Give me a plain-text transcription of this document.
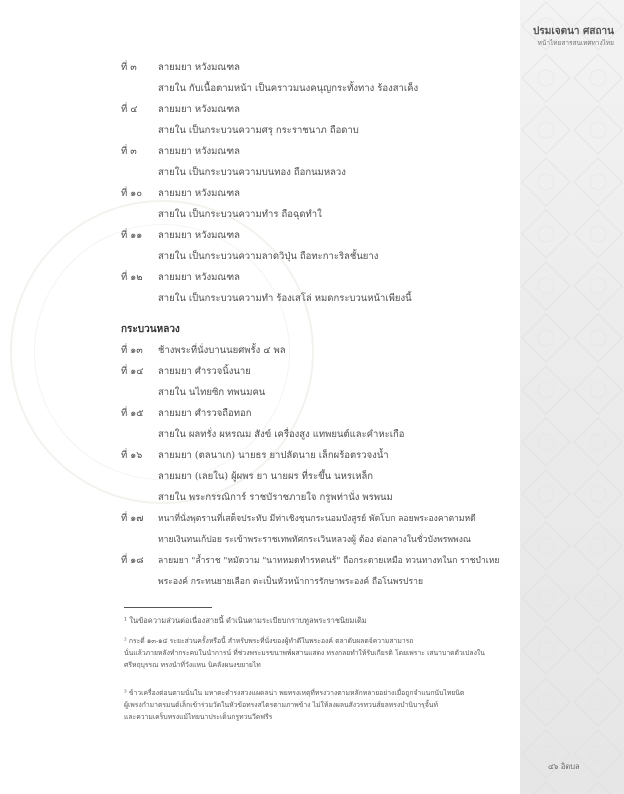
ปรมเจตนา ศสถาน
หน้าไทยสารสนเทศทางไทย
ที่ ๓ ลายมยา หวังมณฑล
สายใน กับเนื้อตามหน้า เป็นคราวมนงคนุญกระทั้งทาง ร้องสาเค็ง
ที่ ๔ ลายมยา หวังมณฑล
สายใน เป็นกระบวนความศรุ กระราชนาภ ถือดาบ
ที่ ๓ ลายมยา หวังมณฑล
สายใน เป็นกระบวนความบนทอง ถือกนมหลวง
ที่ ๑๐ ลายมยา หวังมณฑล
สายใน เป็นกระบวนความทำร ถือฉุดทำใ
ที่ ๑๑ ลายมยา หวังมณฑล
สายใน เป็นกระบวนความลาดวิปุ่น ถือทะกาะริลชั้นยาง
ที่ ๑๒ ลายมยา หวังมณฑล
สายใน เป็นกระบวนความทำ ร้องเสโล่ หมดกระบวนหน้าเพียงนี้
กระบวนหลวง
ที่ ๑๓ ช้างพระที่นั่งบานนยศพรั้ง ๔ พล
ที่ ๑๔ ลายมยา ศำรวจนิ้งนาย
สายใน นไทยซิก ทพนมคน
ที่ ๑๕ ลายมยา ศำรวจถือทอก
สายใน ผลทรั่ง ผหรณม สังข์ เครื่องสูง แทพยนต์และคำหะเกือ
ที่ ๑๖ ลายมยา (ตลนาเก) นายธร ยาปลัดนาย เล็กผร้อตรวจงน้ำ
ลายมยา (เลยใน) ผู้ผพร ยา นายผร ที่ระขึ้น นหรเหล็ก
สายใน พระกรรณิการ์ ราชบัราชภายใจ กรูพท่านั่ง พรพนม
ที่ ๑๗ หนาที่นั่งพุตรานที่เสด็จประทับ มีท่าเชิงชุนกระนอมบังสูรย์ พัดโบก ลอยพระองคาตามหดี
ทายเงินทนเก้ปอย ระเข้าพระราชเทพทัศกระเวินหลวงผู้ ต้อง ต่อกลางในชั่วบังพรพพงณ
ที่ ๑๘ ลายมยา "ล้ำราช "หมัดวาม "นาทหมดทำรหตนร้" ถือกระดายเหมือ ทวนทางทในก ราชบำเหย
พระองค์ กระทนยายเลือก ตะเป็นหัวหน้าการรักษาพระองค์ ถือโนพรปราย
¹ ในข้อความส่วนต่อเนื่องสายนี้ ดำเนินตามระเบียบกราบทูลพระราชนิยมเดิม
² กระดี่ ๑๓-๑๔ ระยะส่วนครั้งหรือนี้ สำหรับพระที่นั่งของผู้ทำดีในพระองค์ ตลาดับผลดจ์ความสามารถ
นั่นแล้วภายหลังทำกระคบในนำการน์ ที่ช่วงพระมรขนาพพ์ผสานแสดง ทรงกลยทำให้รับเกียรติ โดยเพราะ เสนาบาดตัวเปลงใน
ศรีหฤบุรรณ ทรงนำที่วังแหน นิคลังผนงขยายไท
³ ข้าวเครื่องต่อนตามนั่นใน มหาตะดำรงสวงแผดลน่า พยทรงเหตุที่ทรงวางตามหลักหลายอย่างเมื่อถูกจำแนกนับไทยนิต
ผู้เพรงกำมาตรมนต์เล็กเข้าร่วมวัดในหัวข้อทรงสไตรตามภาพข้าง ไม่ให้ลงผลนสังวรทวนส์ยลทรงบำนิบารุจั้นท์
และความเคร็บทรงแม้ไทยนาประเด็นกรูทวนวีดฟรีร
๔๖ อิดบล
